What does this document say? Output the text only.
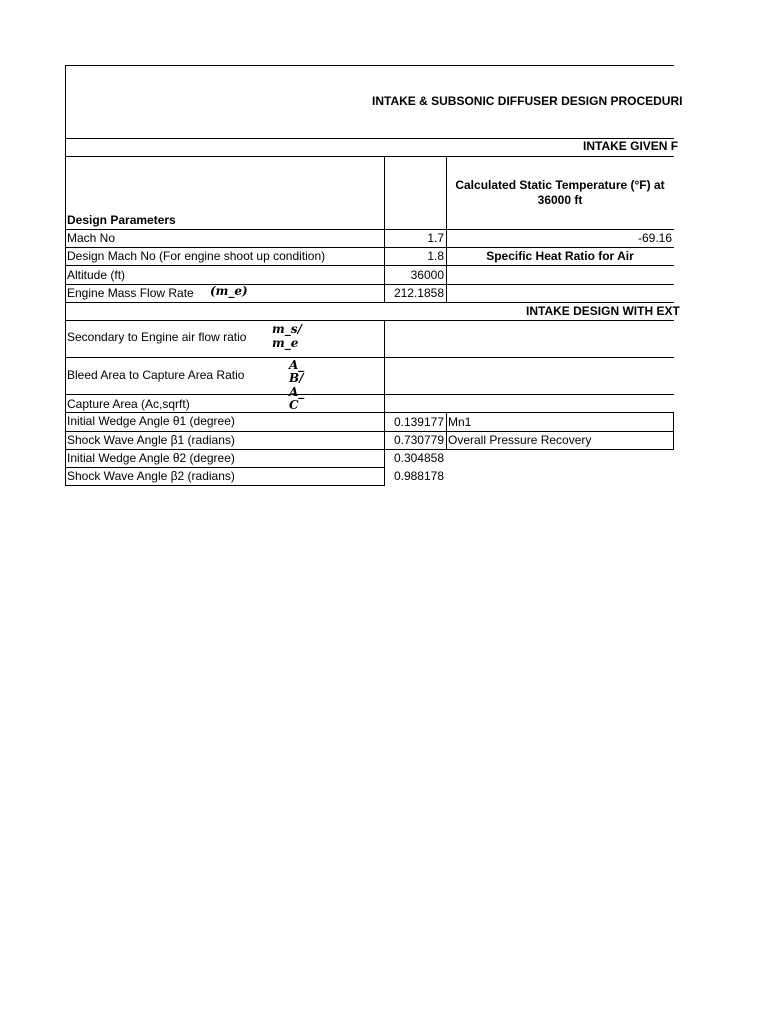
INTAKE & SUBSONIC DIFFUSER DESIGN PROCEDURI
INTAKE GIVEN F
INTAKE DESIGN WITH EXT
Calculated Static Temperature (°F) at 36000 ft
Design Parameters
Mach No	1.7	-69.16
Design Mach No (For engine shoot up condition)	1.8	Specific Heat Ratio for Air
Altitude (ft)	36000
Engine Mass Flow Rate (m_e)	212.1858
Secondary to Engine air flow ratio
m_s/
m_e
Bleed Area to Capture Area Ratio
A_
B/
A_
C
Capture Area (Ac,sqrft)
Initial Wedge Angle θ1 (degree)	0.139177 Mn1
Shock Wave Angle β1 (radians)	0.730779 Overall Pressure Recovery
Initial Wedge Angle θ2 (degree)	0.304858
Shock Wave Angle β2 (radians)	0.988178
